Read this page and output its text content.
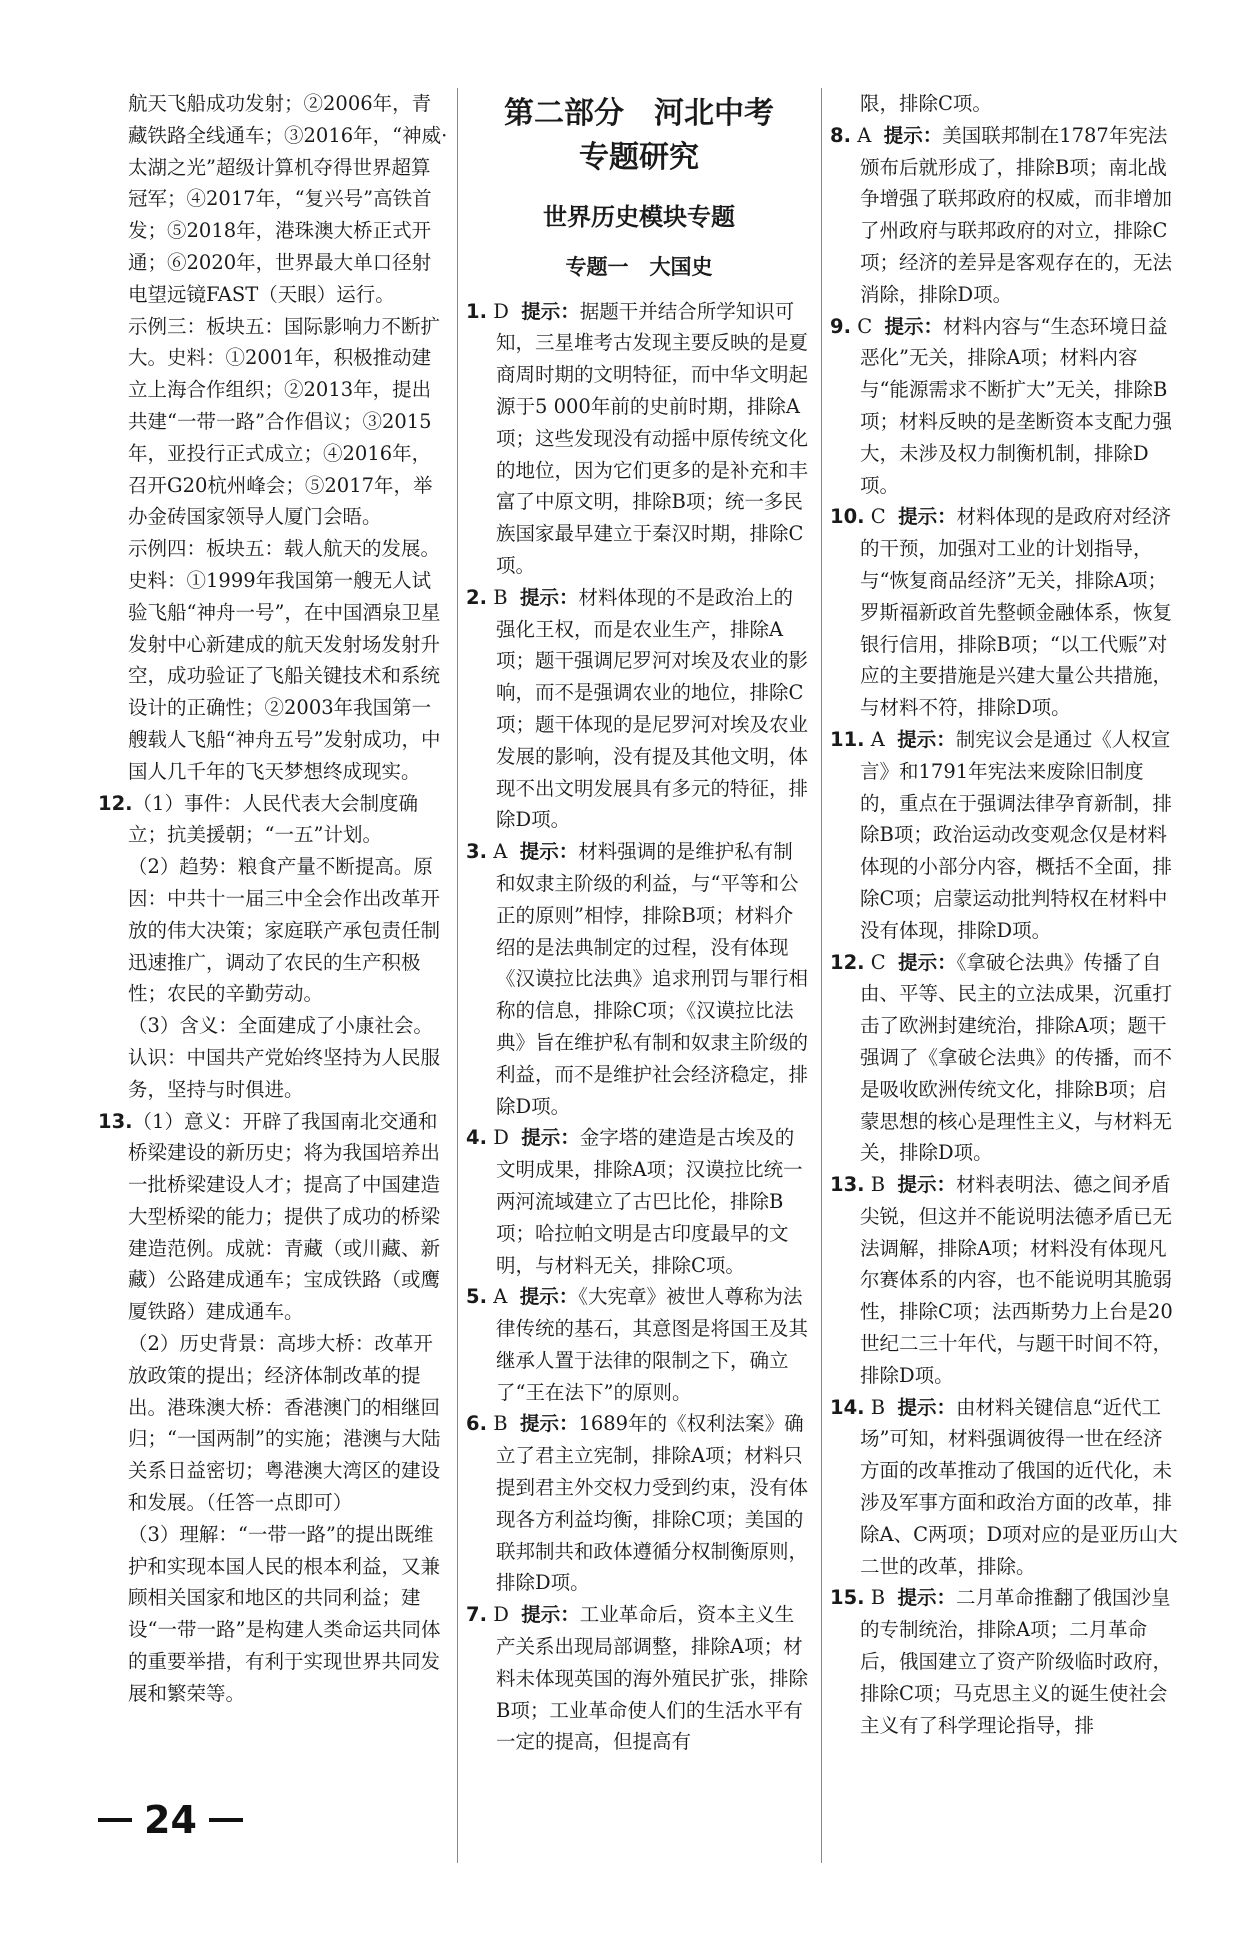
航天飞船成功发射；②2006年，青藏铁路全线通车；③2016年，“神威·太湖之光”超级计算机夺得世界超算冠军；④2017年，“复兴号”高铁首发；⑤2018年，港珠澳大桥正式开通；⑥2020年，世界最大单口径射电望远镜FAST（天眼）运行。

示例三：板块五：国际影响力不断扩大。史料：①2001年，积极推动建立上海合作组织；②2013年，提出共建“一带一路”合作倡议；③2015年，亚投行正式成立；④2016年，召开G20杭州峰会；⑤2017年，举办金砖国家领导人厦门会晤。

示例四：板块五：载人航天的发展。史料：①1999年我国第一艘无人试验飞船“神舟一号”，在中国酒泉卫星发射中心新建成的航天发射场发射升空，成功验证了飞船关键技术和系统设计的正确性；②2003年我国第一艘载人飞船“神舟五号”发射成功，中国人几千年的飞天梦想终成现实。

12.（1）事件：人民代表大会制度确立；抗美援朝；“一五”计划。

（2）趋势：粮食产量不断提高。原因：中共十一届三中全会作出改革开放的伟大决策；家庭联产承包责任制迅速推广，调动了农民的生产积极性；农民的辛勤劳动。

（3）含义：全面建成了小康社会。认识：中国共产党始终坚持为人民服务，坚持与时俱进。

13.（1）意义：开辟了我国南北交通和桥梁建设的新历史；将为我国培养出一批桥梁建设人才；提高了中国建造大型桥梁的能力；提供了成功的桥梁建造范例。成就：青藏（或川藏、新藏）公路建成通车；宝成铁路（或鹰厦铁路）建成通车。

（2）历史背景：高埗大桥：改革开放政策的提出；经济体制改革的提出。港珠澳大桥：香港澳门的相继回归；“一国两制”的实施；港澳与大陆关系日益密切；粤港澳大湾区的建设和发展。（任答一点即可）

（3）理解：“一带一路”的提出既维护和实现本国人民的根本利益，又兼顾相关国家和地区的共同利益；建设“一带一路”是构建人类命运共同体的重要举措，有利于实现世界共同发展和繁荣等。

第二部分　河北中考
专题研究
世界历史模块专题
专题一　大国史

1. D 提示：据题干并结合所学知识可知，三星堆考古发现主要反映的是夏商周时期的文明特征，而中华文明起源于5 000年前的史前时期，排除A项；这些发现没有动摇中原传统文化的地位，因为它们更多的是补充和丰富了中原文明，排除B项；统一多民族国家最早建立于秦汉时期，排除C项。

2. B 提示：材料体现的不是政治上的强化王权，而是农业生产，排除A项；题干强调尼罗河对埃及农业的影响，而不是强调农业的地位，排除C项；题干体现的是尼罗河对埃及农业发展的影响，没有提及其他文明，体现不出文明发展具有多元的特征，排除D项。

3. A 提示：材料强调的是维护私有制和奴隶主阶级的利益，与“平等和公正的原则”相悖，排除B项；材料介绍的是法典制定的过程，没有体现《汉谟拉比法典》追求刑罚与罪行相称的信息，排除C项；《汉谟拉比法典》旨在维护私有制和奴隶主阶级的利益，而不是维护社会经济稳定，排除D项。

4. D 提示：金字塔的建造是古埃及的文明成果，排除A项；汉谟拉比统一两河流域建立了古巴比伦，排除B项；哈拉帕文明是古印度最早的文明，与材料无关，排除C项。

5. A 提示：《大宪章》被世人尊称为法律传统的基石，其意图是将国王及其继承人置于法律的限制之下，确立了“王在法下”的原则。

6. B 提示：1689年的《权利法案》确立了君主立宪制，排除A项；材料只提到君主外交权力受到约束，没有体现各方利益均衡，排除C项；美国的联邦制共和政体遵循分权制衡原则，排除D项。

7. D 提示：工业革命后，资本主义生产关系出现局部调整，排除A项；材料未体现英国的海外殖民扩张，排除B项；工业革命使人们的生活水平有一定的提高，但提高有

限，排除C项。

8. A 提示：美国联邦制在1787年宪法颁布后就形成了，排除B项；南北战争增强了联邦政府的权威，而非增加了州政府与联邦政府的对立，排除C项；经济的差异是客观存在的，无法消除，排除D项。

9. C 提示：材料内容与“生态环境日益恶化”无关，排除A项；材料内容与“能源需求不断扩大”无关，排除B项；材料反映的是垄断资本支配力强大，未涉及权力制衡机制，排除D项。

10. C 提示：材料体现的是政府对经济的干预，加强对工业的计划指导，与“恢复商品经济”无关，排除A项；罗斯福新政首先整顿金融体系，恢复银行信用，排除B项；“以工代赈”对应的主要措施是兴建大量公共措施，与材料不符，排除D项。

11. A 提示：制宪议会是通过《人权宣言》和1791年宪法来废除旧制度的，重点在于强调法律孕育新制，排除B项；政治运动改变观念仅是材料体现的小部分内容，概括不全面，排除C项；启蒙运动批判特权在材料中没有体现，排除D项。

12. C 提示：《拿破仑法典》传播了自由、平等、民主的立法成果，沉重打击了欧洲封建统治，排除A项；题干强调了《拿破仑法典》的传播，而不是吸收欧洲传统文化，排除B项；启蒙思想的核心是理性主义，与材料无关，排除D项。

13. B 提示：材料表明法、德之间矛盾尖锐，但这并不能说明法德矛盾已无法调解，排除A项；材料没有体现凡尔赛体系的内容，也不能说明其脆弱性，排除C项；法西斯势力上台是20世纪二三十年代，与题干时间不符，排除D项。

14. B 提示：由材料关键信息“近代工场”可知，材料强调彼得一世在经济方面的改革推动了俄国的近代化，未涉及军事方面和政治方面的改革，排除A、C两项；D项对应的是亚历山大二世的改革，排除。

15. B 提示：二月革命推翻了俄国沙皇的专制统治，排除A项；二月革命后，俄国建立了资产阶级临时政府，排除C项；马克思主义的诞生使社会主义有了科学理论指导，排

24
